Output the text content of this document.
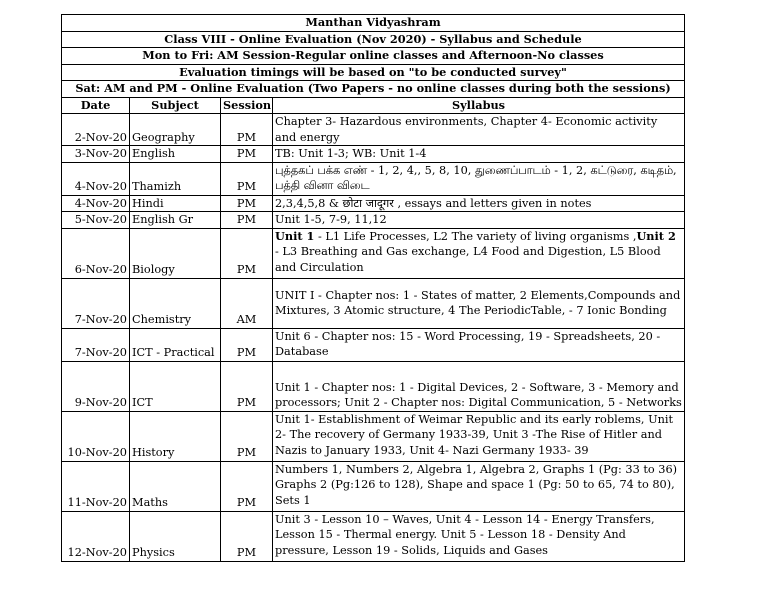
Manthan Vidyashram			
Class VIII - Online Evaluation (Nov 2020) - Syllabus and Schedule			
Mon to Fri: AM Session-Regular online classes and Afternoon-No classes			
Evaluation timings will be based on "to be conducted survey"			
Sat: AM and PM - Online Evaluation (Two Papers - no online classes during both the sessions)			
Date	Subject	Session	Syllabus
2-Nov-20	Geography	PM	Chapter 3- Hazardous environments, Chapter 4- Economic activity and energy
3-Nov-20	English	PM	TB: Unit 1-3; WB: Unit 1-4
4-Nov-20	Thamizh	PM	புத்தகப் பக்க எண் - 1, 2, 4,, 5, 8, 10, துணைப்பாடம் - 1, 2, கட்டுரை, கடிதம், பத்தி வினா விடை
4-Nov-20	Hindi	PM	2,3,4,5,8 & छोटा जादूगर , essays and letters given in notes
5-Nov-20	English Gr	PM	Unit 1-5, 7-9, 11,12
6-Nov-20	Biology	PM	Unit 1 - L1 Life Processes, L2 The variety of living organisms ,Unit 2 - L3 Breathing and Gas exchange, L4 Food and Digestion, L5 Blood and Circulation
7-Nov-20	Chemistry	AM	UNIT I - Chapter nos: 1 - States of matter, 2 Elements,Compounds and Mixtures, 3 Atomic structure, 4 The PeriodicTable, - 7 Ionic Bonding
7-Nov-20	ICT - Practical	PM	Unit 6 - Chapter nos: 15 - Word Processing, 19 - Spreadsheets, 20 - Database
9-Nov-20	ICT	PM	Unit 1 - Chapter nos: 1 - Digital Devices, 2 - Software, 3 - Memory and processors; Unit 2 - Chapter nos: Digital Communication, 5 - Networks
10-Nov-20	History	PM	Unit 1- Establishment of Weimar Republic and its early roblems, Unit 2- The recovery of Germany 1933-39, Unit 3 -The Rise of Hitler and Nazis to January 1933, Unit 4- Nazi Germany 1933- 39
11-Nov-20	Maths	PM	Numbers 1, Numbers 2, Algebra 1, Algebra 2, Graphs 1 (Pg: 33 to 36) Graphs 2 (Pg:126 to 128), Shape and space 1 (Pg: 50 to 65, 74 to 80), Sets 1
12-Nov-20	Physics	PM	Unit 3 - Lesson 10 – Waves, Unit 4 - Lesson 14 - Energy Transfers, Lesson 15 - Thermal energy. Unit 5 - Lesson 18 - Density And pressure, Lesson 19 - Solids, Liquids and Gases
